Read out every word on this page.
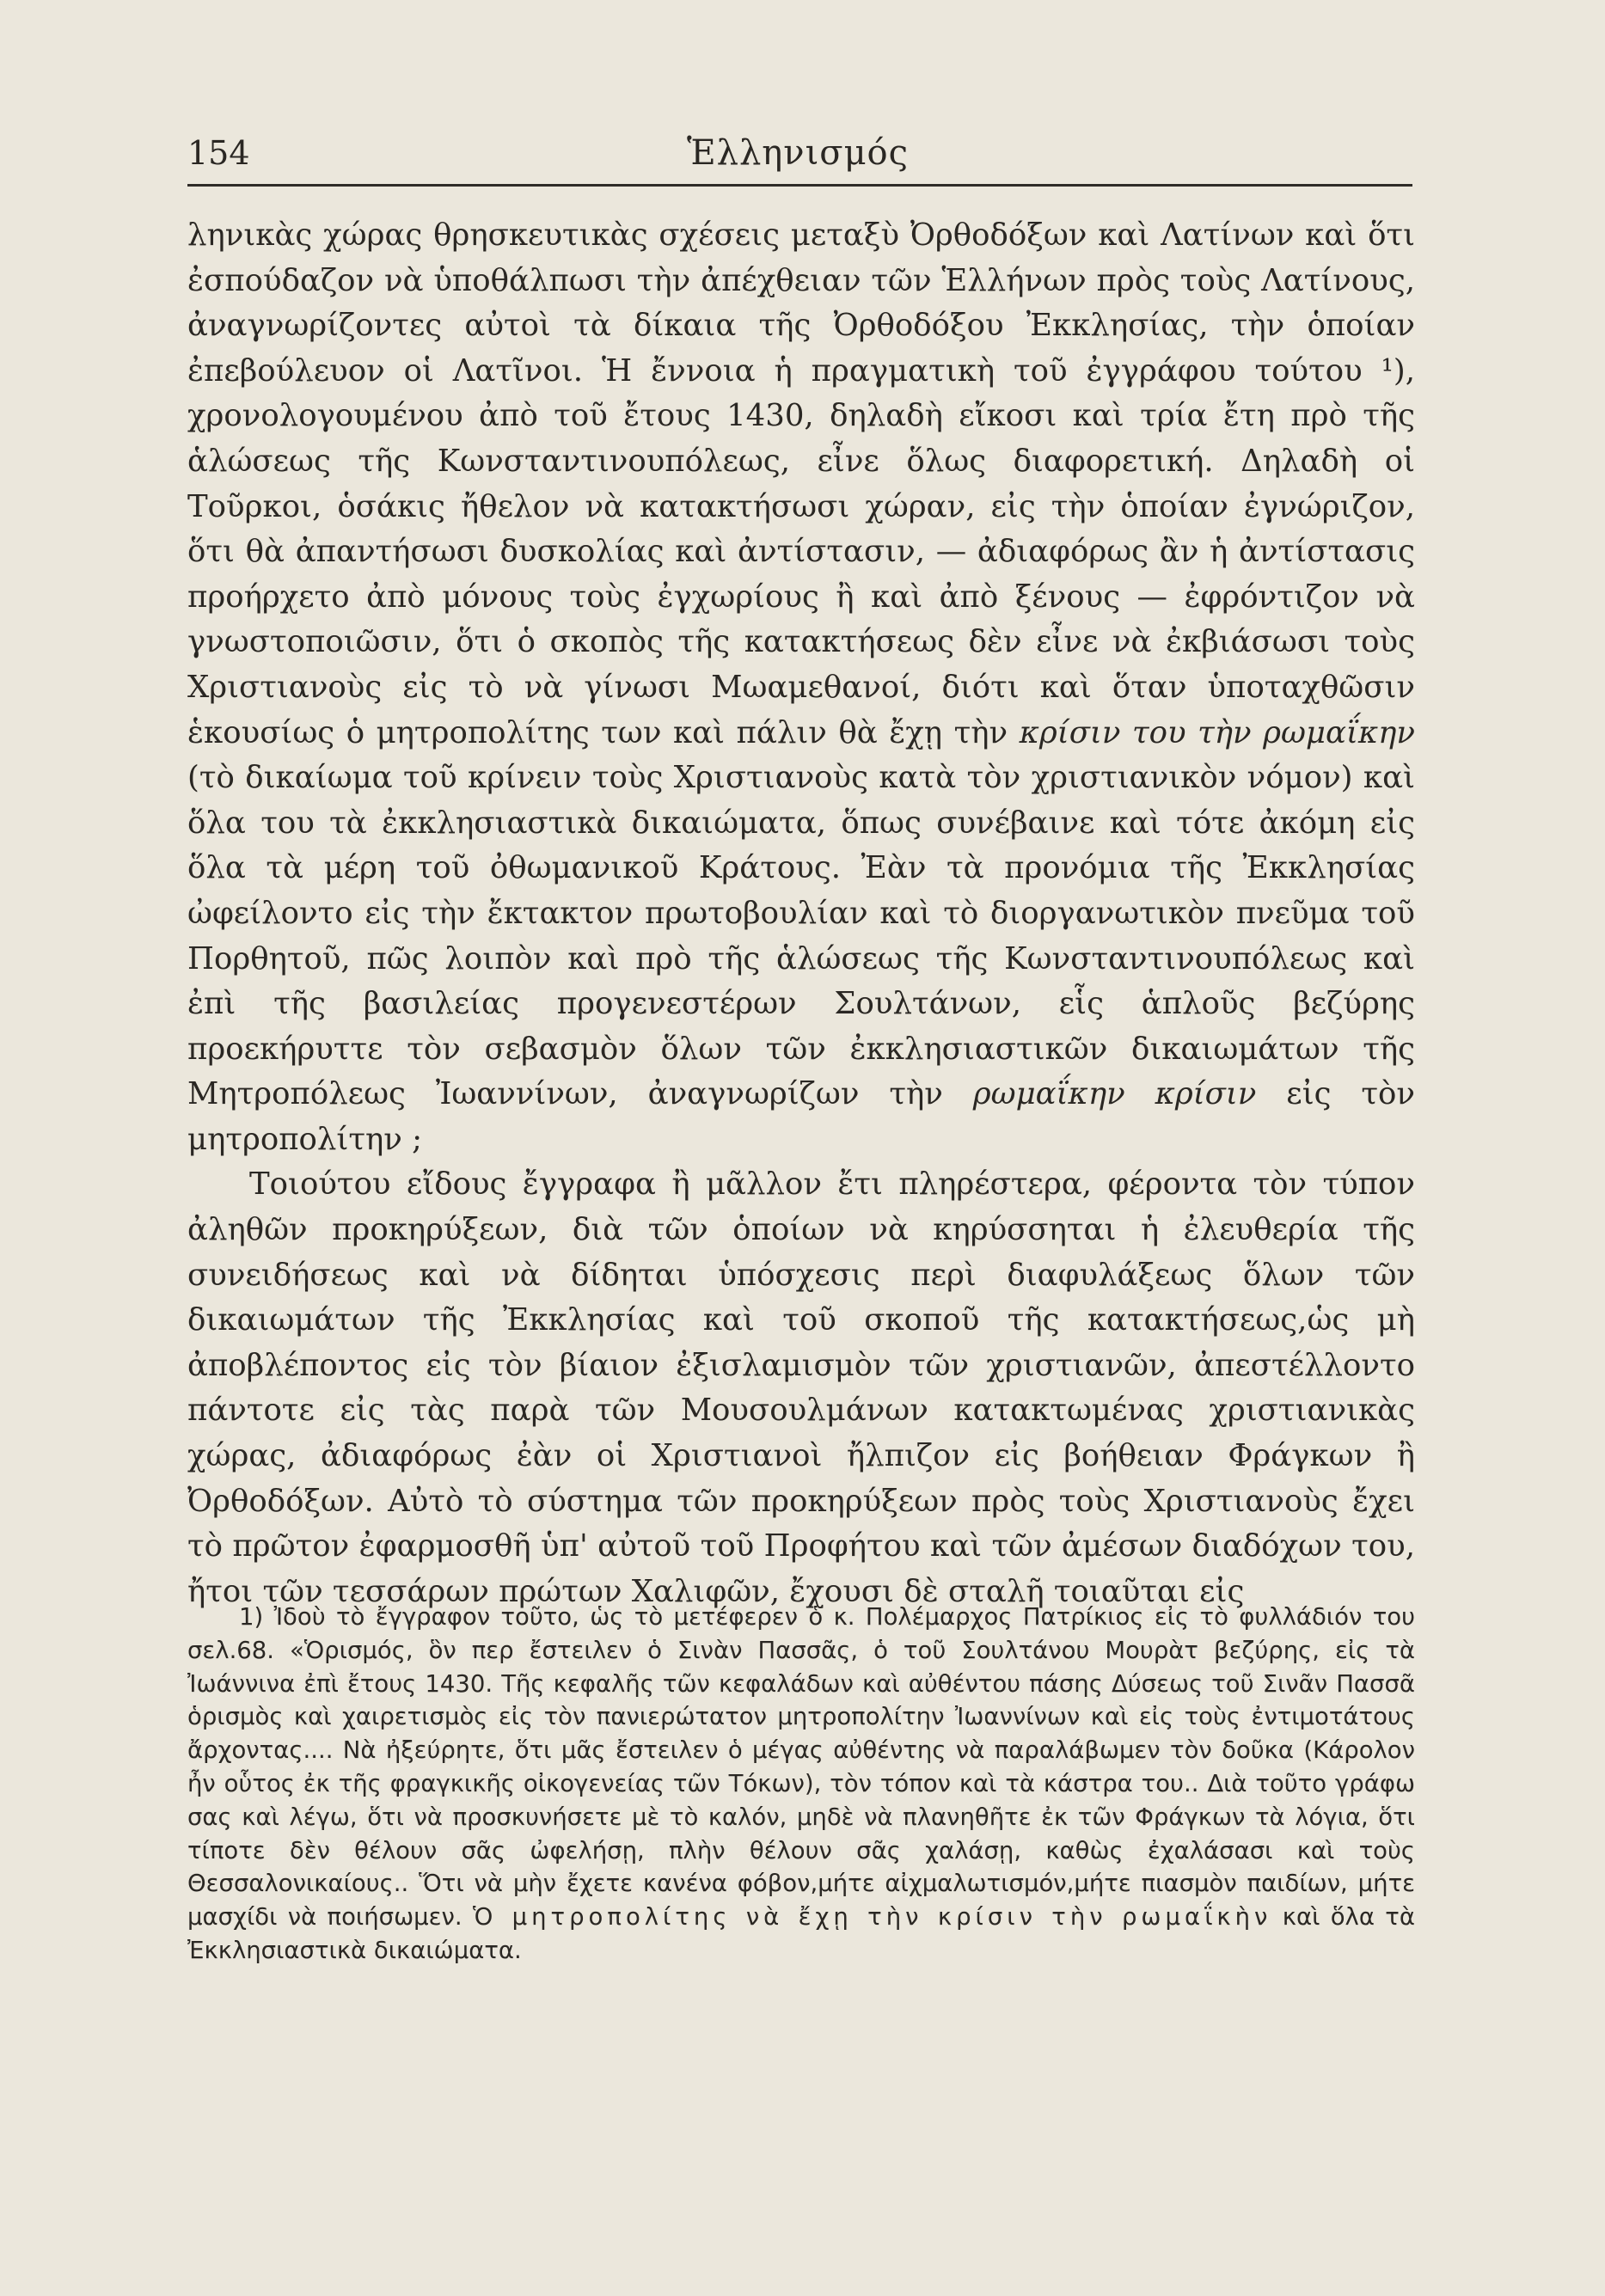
154	Ἑλληνισμός

ληνικὰς χώρας θρησκευτικὰς σχέσεις μεταξὺ Ὀρθοδόξων καὶ Λατίνων καὶ ὅτι ἐσπούδαζον νὰ ὑποθάλπωσι τὴν ἀπέχθειαν τῶν Ἑλλήνων πρὸς τοὺς Λατίνους, ἀναγνωρίζοντες αὐτοὶ τὰ δίκαια τῆς Ὀρθοδόξου Ἐκκλησίας, τὴν ὁποίαν ἐπεβούλευον οἱ Λατῖνοι. Ἡ ἔννοια ἡ πραγματικὴ τοῦ ἐγγράφου τούτου ¹), χρονολογουμένου ἀπὸ τοῦ ἔτους 1430, δηλαδὴ εἴκοσι καὶ τρία ἔτη πρὸ τῆς ἁλώσεως τῆς Κωνσταντινουπόλεως, εἶνε ὅλως διαφορετική. Δηλαδὴ οἱ Τοῦρκοι, ὁσάκις ἤθελον νὰ κατακτήσωσι χώραν, εἰς τὴν ὁποίαν ἐγνώριζον, ὅτι θὰ ἀπαντήσωσι δυσκολίας καὶ ἀντίστασιν, — ἀδιαφόρως ἂν ἡ ἀντίστασις προήρχετο ἀπὸ μόνους τοὺς ἐγχωρίους ἢ καὶ ἀπὸ ξένους — ἐφρόντιζον νὰ γνωστοποιῶσιν, ὅτι ὁ σκοπὸς τῆς κατακτήσεως δὲν εἶνε νὰ ἐκβιάσωσι τοὺς Χριστιανοὺς εἰς τὸ νὰ γίνωσι Μωαμεθανοί, διότι καὶ ὅταν ὑποταχθῶσιν ἑκουσίως ὁ μητροπολίτης των καὶ πάλιν θὰ ἔχῃ τὴν κρίσιν του τὴν ρωμαΐκην (τὸ δικαίωμα τοῦ κρίνειν τοὺς Χριστιανοὺς κατὰ τὸν χριστιανικὸν νόμον) καὶ ὅλα του τὰ ἐκκλησιαστικὰ δικαιώματα, ὅπως συνέβαινε καὶ τότε ἀκόμη εἰς ὅλα τὰ μέρη τοῦ ὀθωμανικοῦ Κράτους. Ἐὰν τὰ προνόμια τῆς Ἐκκλησίας ὠφείλοντο εἰς τὴν ἔκτακτον πρωτοβουλίαν καὶ τὸ διοργανωτικὸν πνεῦμα τοῦ Πορθητοῦ, πῶς λοιπὸν καὶ πρὸ τῆς ἁλώσεως τῆς Κωνσταντινουπόλεως καὶ ἐπὶ τῆς βασιλείας προγενεστέρων Σουλτάνων, εἷς ἁπλοῦς βεζύρης προεκήρυττε τὸν σεβασμὸν ὅλων τῶν ἐκκλησιαστικῶν δικαιωμάτων τῆς Μητροπόλεως Ἰωαννίνων, ἀναγνωρίζων τὴν ρωμαΐκην κρίσιν εἰς τὸν μητροπολίτην ;

Τοιούτου εἴδους ἔγγραφα ἢ μᾶλλον ἔτι πληρέστερα, φέροντα τὸν τύπον ἀληθῶν προκηρύξεων, διὰ τῶν ὁποίων νὰ κηρύσσηται ἡ ἐλευθερία τῆς συνειδήσεως καὶ νὰ δίδηται ὑπόσχεσις περὶ διαφυλάξεως ὅλων τῶν δικαιωμάτων τῆς Ἐκκλησίας καὶ τοῦ σκοποῦ τῆς κατακτήσεως,ὡς μὴ ἀποβλέποντος εἰς τὸν βίαιον ἐξισλαμισμὸν τῶν χριστιανῶν, ἀπεστέλλοντο πάντοτε εἰς τὰς παρὰ τῶν Μουσουλμάνων κατακτωμένας χριστιανικὰς χώρας, ἀδιαφόρως ἐὰν οἱ Χριστιανοὶ ἤλπιζον εἰς βοήθειαν Φράγκων ἢ Ὀρθοδόξων. Αὐτὸ τὸ σύστημα τῶν προκηρύξεων πρὸς τοὺς Χριστιανοὺς ἔχει τὸ πρῶτον ἐφαρμοσθῆ ὑπ' αὐτοῦ τοῦ Προφήτου καὶ τῶν ἀμέσων διαδόχων του, ἤτοι τῶν τεσσάρων πρώτων Χαλιφῶν, ἔχουσι δὲ σταλῆ τοιαῦται εἰς

1) Ἰδοὺ τὸ ἔγγραφον τοῦτο, ὡς τὸ μετέφερεν ὁ κ. Πολέμαρχος Πατρίκιος εἰς τὸ φυλλάδιόν του σελ.68. «Ὁρισμός, ὃν περ ἔστειλεν ὁ Σινὰν Πασσᾶς, ὁ τοῦ Σουλτάνου Μουρὰτ βεζύρης, εἰς τὰ Ἰωάννινα ἐπὶ ἔτους 1430. Τῆς κεφαλῆς τῶν κεφαλάδων καὶ αὐθέντου πάσης Δύσεως τοῦ Σινᾶν Πασσᾶ ὁρισμὸς καὶ χαιρετισμὸς εἰς τὸν πανιερώτατον μητροπολίτην Ἰωαννίνων καὶ εἰς τοὺς ἐντιμοτάτους ἄρχοντας.... Νὰ ἠξεύρητε, ὅτι μᾶς ἔστειλεν ὁ μέγας αὐθέντης νὰ παραλάβωμεν τὸν δοῦκα (Κάρολον ἦν οὗτος ἐκ τῆς φραγκικῆς οἰκογενείας τῶν Τόκων), τὸν τόπον καὶ τὰ κάστρα του.. Διὰ τοῦτο γράφω σας καὶ λέγω, ὅτι νὰ προσκυνήσετε μὲ τὸ καλόν, μηδὲ νὰ πλανηθῆτε ἐκ τῶν Φράγκων τὰ λόγια, ὅτι τίποτε δὲν θέλουν σᾶς ὠφελήσῃ, πλὴν θέλουν σᾶς χαλάσῃ, καθὼς ἐχαλάσασι καὶ τοὺς Θεσσαλονικαίους.. Ὅτι νὰ μὴν ἔχετε κανένα φόβον,μήτε αἰχμαλωτισμόν,μήτε πιασμὸν παιδίων, μήτε μασχίδι νὰ ποιήσωμεν. Ὁ μητροπολίτης νὰ ἔχῃ τὴν κρίσιν τὴν ρωμαΐκὴν καὶ ὅλα τὰ Ἐκκλησιαστικὰ δικαιώματα.
